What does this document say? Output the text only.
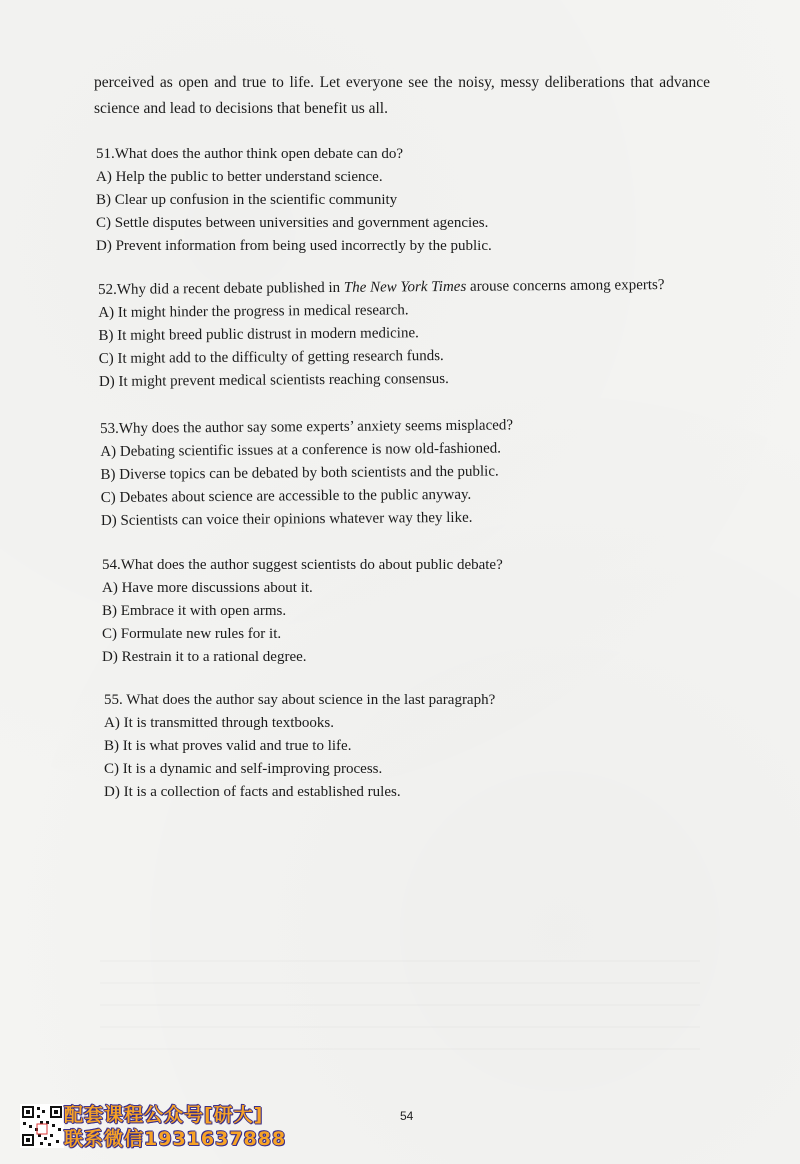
perceived as open and true to life. Let everyone see the noisy, messy deliberations that advance
science and lead to decisions that benefit us all.
51.What does the author think open debate can do?
A) Help the public to better understand science.
B) Clear up confusion in the scientific community
C) Settle disputes between universities and government agencies.
D) Prevent information from being used incorrectly by the public.
52.Why did a recent debate published in The New York Times arouse concerns among experts?
A) It might hinder the progress in medical research.
B) It might breed public distrust in modern medicine.
C) It might add to the difficulty of getting research funds.
D) It might prevent medical scientists reaching consensus.
53.Why does the author say some experts’ anxiety seems misplaced?
A) Debating scientific issues at a conference is now old-fashioned.
B) Diverse topics can be debated by both scientists and the public.
C) Debates about science are accessible to the public anyway.
D) Scientists can voice their opinions whatever way they like.
54.What does the author suggest scientists do about public debate?
A) Have more discussions about it.
B) Embrace it with open arms.
C) Formulate new rules for it.
D) Restrain it to a rational degree.
55. What does the author say about science in the last paragraph?
A) It is transmitted through textbooks.
B) It is what proves valid and true to life.
C) It is a dynamic and self-improving process.
D) It is a collection of facts and established rules.
54
配套课程公众号[研大]
联系微信1931637888
